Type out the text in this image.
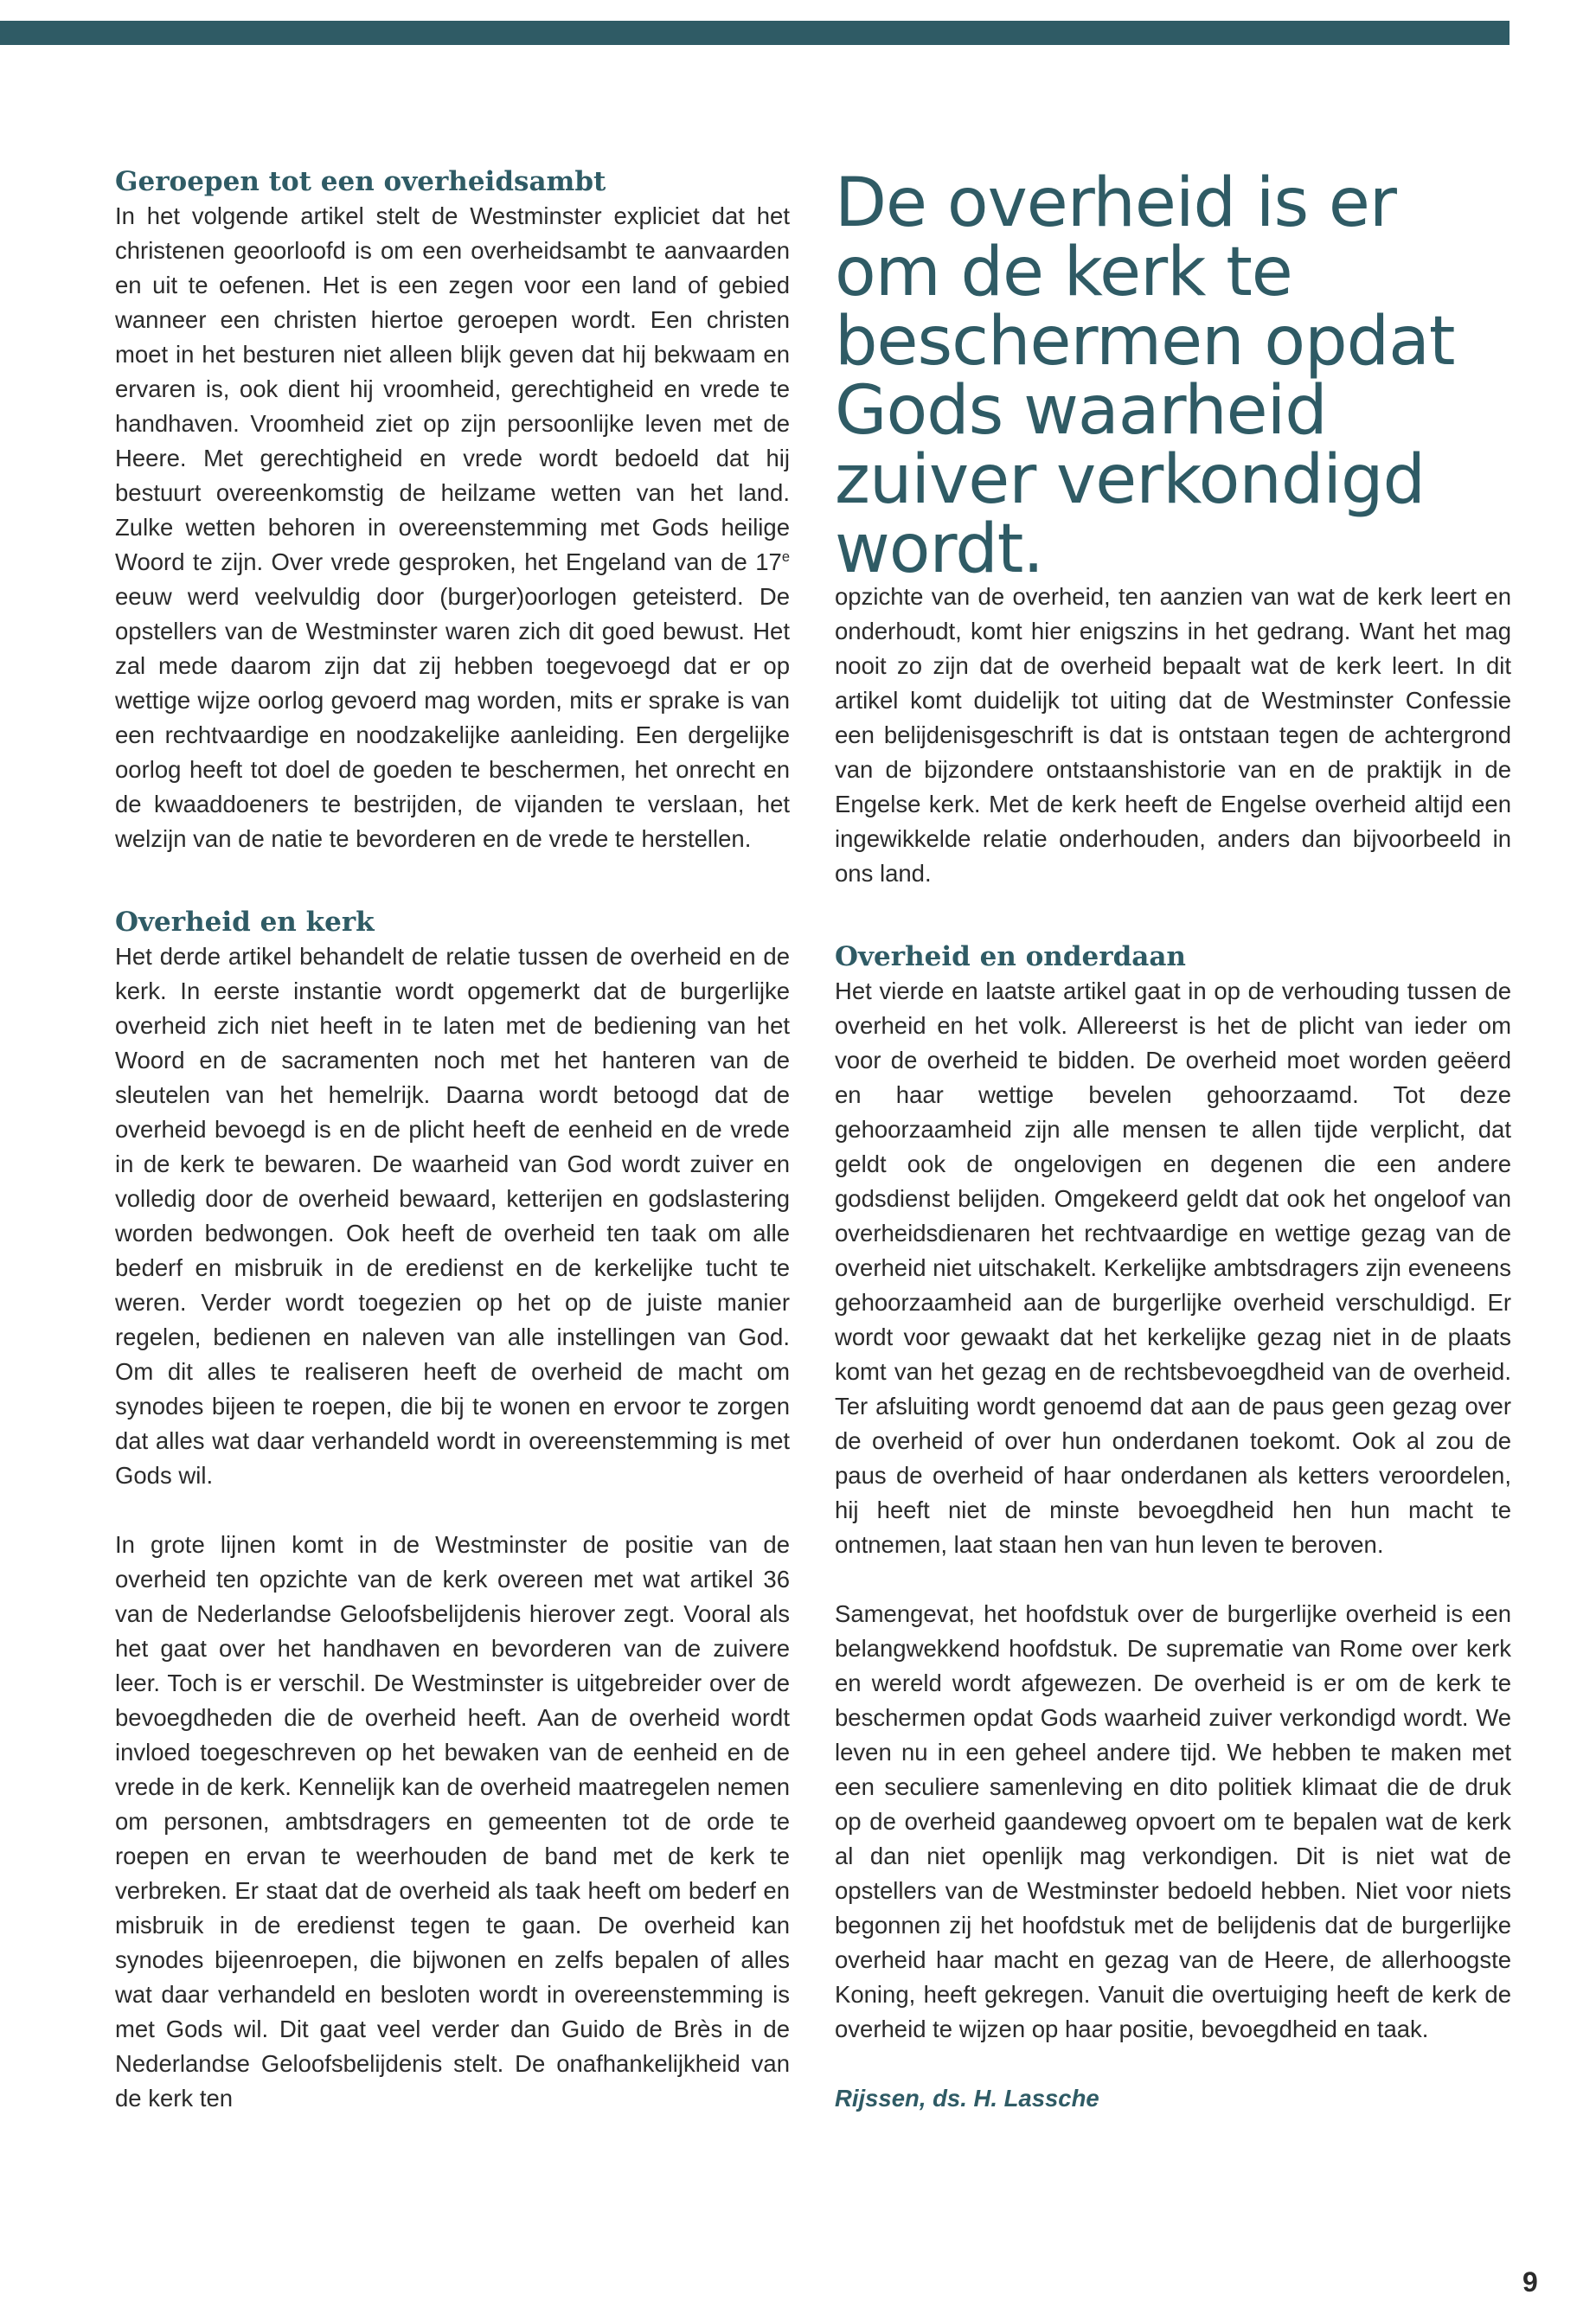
De overheid is er om de kerk te beschermen opdat Gods waarheid zuiver verkondigd wordt.
Geroepen tot een overheidsambt

In het volgende artikel stelt de Westminster expliciet dat het christenen geoorloofd is om een overheidsambt te aanvaarden en uit te oefenen. Het is een zegen voor een land of gebied wanneer een christen hiertoe geroepen wordt. Een christen moet in het besturen niet alleen blijk geven dat hij bekwaam en ervaren is, ook dient hij vroomheid, gerechtigheid en vrede te handhaven. Vroomheid ziet op zijn persoonlijke leven met de Heere. Met gerechtigheid en vrede wordt bedoeld dat hij bestuurt overeenkomstig de heilzame wetten van het land. Zulke wetten behoren in overeenstemming met Gods heilige Woord te zijn. Over vrede gesproken, het Engeland van de 17e eeuw werd veelvuldig door (burger)oorlogen geteisterd. De opstellers van de Westminster waren zich dit goed bewust. Het zal mede daarom zijn dat zij hebben toegevoegd dat er op wettige wijze oorlog gevoerd mag worden, mits er sprake is van een rechtvaardige en noodzakelijke aanleiding. Een dergelijke oorlog heeft tot doel de goeden te beschermen, het onrecht en de kwaaddoeners te bestrijden, de vijanden te verslaan, het welzijn van de natie te bevorderen en de vrede te herstellen.

Overheid en kerk

Het derde artikel behandelt de relatie tussen de overheid en de kerk. In eerste instantie wordt opgemerkt dat de burgerlijke overheid zich niet heeft in te laten met de bediening van het Woord en de sacramenten noch met het hanteren van de sleutelen van het hemelrijk. Daarna wordt betoogd dat de overheid bevoegd is en de plicht heeft de eenheid en de vrede in de kerk te bewaren. De waarheid van God wordt zuiver en volledig door de overheid bewaard, ketterijen en godslastering worden bedwongen. Ook heeft de overheid ten taak om alle bederf en misbruik in de eredienst en de kerkelijke tucht te weren. Verder wordt toegezien op het op de juiste manier regelen, bedienen en naleven van alle instellingen van God. Om dit alles te realiseren heeft de overheid de macht om synodes bijeen te roepen, die bij te wonen en ervoor te zorgen dat alles wat daar verhandeld wordt in overeenstemming is met Gods wil.

In grote lijnen komt in de Westminster de positie van de overheid ten opzichte van de kerk overeen met wat artikel 36 van de Nederlandse Geloofsbelijdenis hierover zegt. Vooral als het gaat over het handhaven en bevorderen van de zuivere leer. Toch is er verschil. De Westminster is uitgebreider over de bevoegdheden die de overheid heeft. Aan de overheid wordt invloed toegeschreven op het bewaken van de eenheid en de vrede in de kerk. Kennelijk kan de overheid maatregelen nemen om personen, ambtsdragers en gemeenten tot de orde te roepen en ervan te weerhouden de band met de kerk te verbreken. Er staat dat de overheid als taak heeft om bederf en misbruik in de eredienst tegen te gaan. De overheid kan synodes bijeenroepen, die bijwonen en zelfs bepalen of alles wat daar verhandeld en besloten wordt in overeenstemming is met Gods wil. Dit gaat veel verder dan Guido de Brès in de Nederlandse Geloofsbelijdenis stelt. De onafhankelijkheid van de kerk ten

opzichte van de overheid, ten aanzien van wat de kerk leert en onderhoudt, komt hier enigszins in het gedrang. Want het mag nooit zo zijn dat de overheid bepaalt wat de kerk leert. In dit artikel komt duidelijk tot uiting dat de Westminster Confessie een belijdenisgeschrift is dat is ontstaan tegen de achtergrond van de bijzondere ontstaanshistorie van en de praktijk in de Engelse kerk. Met de kerk heeft de Engelse overheid altijd een ingewikkelde relatie onderhouden, anders dan bijvoorbeeld in ons land.

Overheid en onderdaan

Het vierde en laatste artikel gaat in op de verhouding tussen de overheid en het volk. Allereerst is het de plicht van ieder om voor de overheid te bidden. De overheid moet worden geëerd en haar wettige bevelen gehoorzaamd. Tot deze gehoorzaamheid zijn alle mensen te allen tijde verplicht, dat geldt ook de ongelovigen en degenen die een andere godsdienst belijden. Omgekeerd geldt dat ook het ongeloof van overheidsdienaren het rechtvaardige en wettige gezag van de overheid niet uitschakelt. Kerkelijke ambtsdragers zijn eveneens gehoorzaamheid aan de burgerlijke overheid verschuldigd. Er wordt voor gewaakt dat het kerkelijke gezag niet in de plaats komt van het gezag en de rechtsbevoegdheid van de overheid. Ter afsluiting wordt genoemd dat aan de paus geen gezag over de overheid of over hun onderdanen toekomt. Ook al zou de paus de overheid of haar onderdanen als ketters veroordelen, hij heeft niet de minste bevoegdheid hen hun macht te ontnemen, laat staan hen van hun leven te beroven.

Samengevat, het hoofdstuk over de burgerlijke overheid is een belangwekkend hoofdstuk. De suprematie van Rome over kerk en wereld wordt afgewezen. De overheid is er om de kerk te beschermen opdat Gods waarheid zuiver verkondigd wordt. We leven nu in een geheel andere tijd. We hebben te maken met een seculiere samenleving en dito politiek klimaat die de druk op de overheid gaandeweg opvoert om te bepalen wat de kerk al dan niet openlijk mag verkondigen. Dit is niet wat de opstellers van de Westminster bedoeld hebben. Niet voor niets begonnen zij het hoofdstuk met de belijdenis dat de burgerlijke overheid haar macht en gezag van de Heere, de allerhoogste Koning, heeft gekregen. Vanuit die overtuiging heeft de kerk de overheid te wijzen op haar positie, bevoegdheid en taak.

Rijssen, ds. H. Lassche

9
